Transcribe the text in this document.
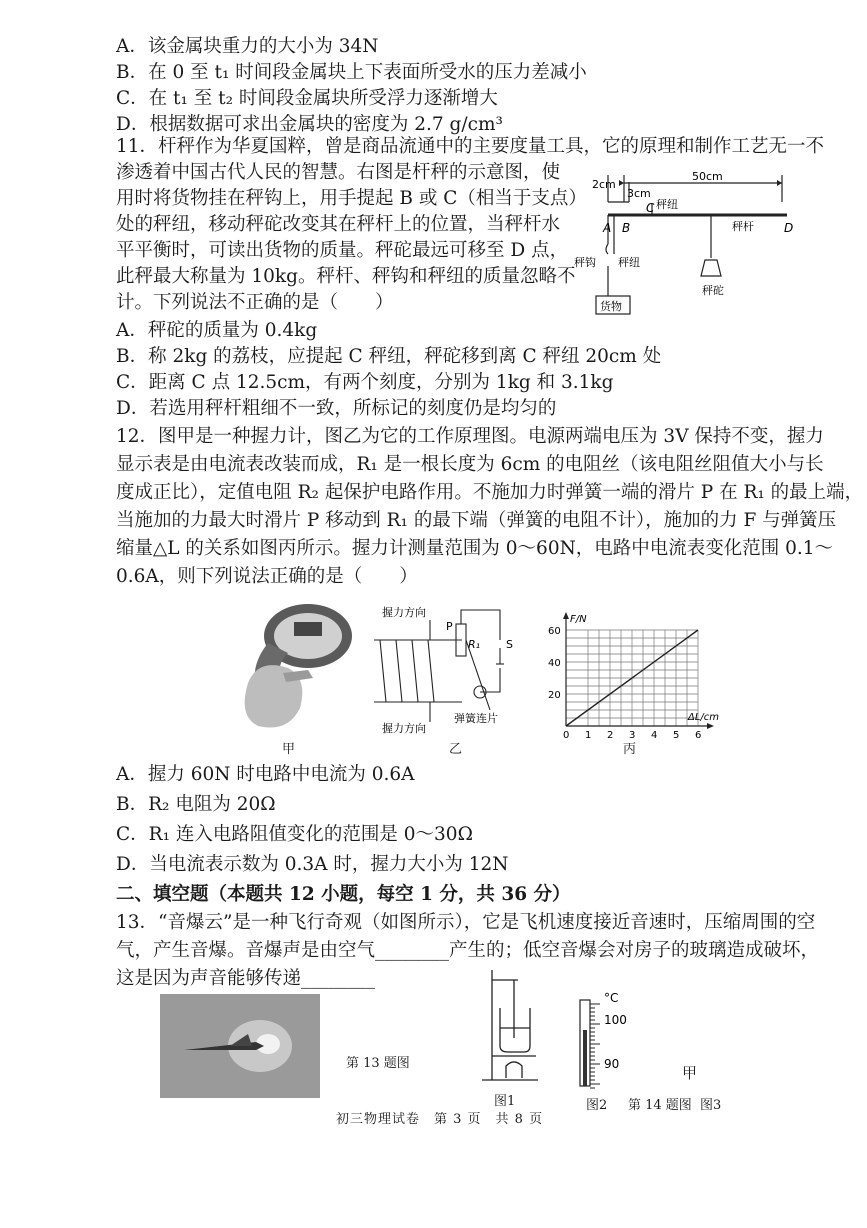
A．该金属块重力的大小为 34N
B．在 0 至 t₁ 时间段金属块上下表面所受水的压力差减小
C．在 t₁ 至 t₂ 时间段金属块所受浮力逐渐增大
D．根据数据可求出金属块的密度为 2.7 g/cm³
11．杆秤作为华夏国粹，曾是商品流通中的主要度量工具，它的原理和制作工艺无一不
渗透着中国古代人民的智慧。右图是杆秤的示意图，使
用时将货物挂在秤钩上，用手提起 B 或 C（相当于支点）
处的秤纽，移动秤砣改变其在秤杆上的位置，当秤杆水
平平衡时，可读出货物的质量。秤砣最远可移至 D 点，
此秤最大称量为 10kg。秤杆、秤钩和秤纽的质量忽略不
计。下列说法不正确的是（　　）
2cm
3cm
50cm
A B
C
D
秤纽
秤杆
秤钩 秤纽
秤砣
货物
A．秤砣的质量为 0.4kg
B．称 2kg 的荔枝，应提起 C 秤纽，秤砣移到离 C 秤纽 20cm 处
C．距离 C 点 12.5cm，有两个刻度，分别为 1kg 和 3.1kg
D．若选用秤杆粗细不一致，所标记的刻度仍是均匀的
12．图甲是一种握力计，图乙为它的工作原理图。电源两端电压为 3V 保持不变，握力
显示表是由电流表改装而成，R₁ 是一根长度为 6cm 的电阻丝（该电阻丝阻值大小与长
度成正比），定值电阻 R₂ 起保护电路作用。不施加力时弹簧一端的滑片 P 在 R₁ 的最上端，
当施加的力最大时滑片 P 移动到 R₁ 的最下端（弹簧的电阻不计），施加的力 F 与弹簧压
缩量△L 的关系如图丙所示。握力计测量范围为 0～60N，电路中电流表变化范围 0.1～
0.6A，则下列说法正确的是（　　）
甲
握力方向
握力方向
弹簧连片
P
R₁ S
乙
0 1 2 3 4 5 6
20
40
60
F/N
ΔL/cm
丙
A．握力 60N 时电路中电流为 0.6A
B．R₂ 电阻为 20Ω
C．R₁ 连入电路阻值变化的范围是 0～30Ω
D．当电流表示数为 0.3A 时，握力大小为 12N
二、填空题（本题共 12 小题，每空 1 分，共 36 分）
13．“音爆云”是一种飞行奇观（如图所示），它是飞机速度接近音速时，压缩周围的空
气，产生音爆。音爆声是由空气________产生的；低空音爆会对房子的玻璃造成破坏，
这是因为声音能够传递________
第 13 题图
图1
°C
100
90
图2 第 14 题图 图3
甲
初三物理试卷　第 3 页　共 8 页
